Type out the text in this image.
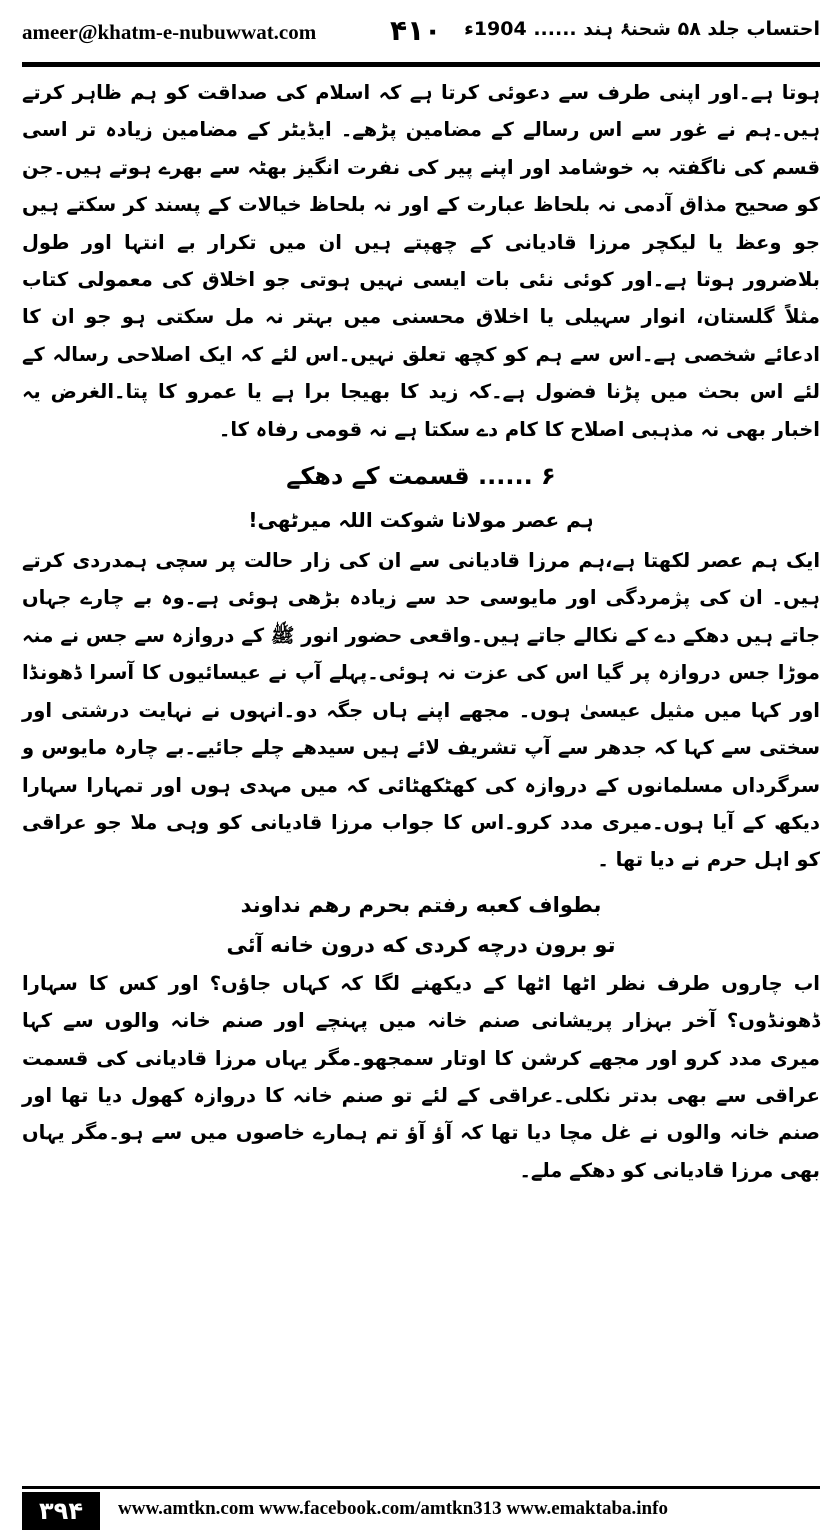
ameer@khatm-e-nubuwwat.com	۴۱۰ احتساب جلد ۵۸ شحنۂ ہند ...... 1904ء

ہوتا ہے۔اور اپنی طرف سے دعوئی کرتا ہے کہ اسلام کی صداقت کو ہم ظاہر کرتے ہیں۔ہم نے غور سے اس رسالے کے مضامین پڑھے۔ ایڈیٹر کے مضامین زیادہ تر اسی قسم کی ناگفتہ بہ خوشامد اور اپنے پیر کی نفرت انگیز بھٹہ سے بھرے ہوتے ہیں۔جن کو صحیح مذاق آدمی نہ بلحاظ عبارت کے اور نہ بلحاظ خیالات کے پسند کر سکتے ہیں جو وعظ یا لیکچر مرزا قادیانی کے چھپتے ہیں ان میں تکرار بے انتہا اور طول بلاضرور ہوتا ہے۔اور کوئی نئی بات ایسی نہیں ہوتی جو اخلاق کی معمولی کتاب مثلاً گلستان، انوار سہیلی یا اخلاق محسنی میں بہتر نہ مل سکتی ہو جو ان کا ادعائے شخصی ہے۔اس سے ہم کو کچھ تعلق نہیں۔اس لئے کہ ایک اصلاحی رسالہ کے لئے اس بحث میں پڑنا فضول ہے۔کہ زید کا بھیجا برا ہے یا عمرو کا پتا۔الغرض یہ اخبار بھی نہ مذہبی اصلاح کا کام دے سکتا ہے نہ قومی رفاہ کا۔

۶ ...... قسمت کے دھکے

ہم عصر مولانا شوکت اللہ میرٹھی!

ایک ہم عصر لکھتا ہے،ہم مرزا قادیانی سے ان کی زار حالت پر سچی ہمدردی کرتے ہیں۔ ان کی پژمردگی اور مایوسی حد سے زیادہ بڑھی ہوئی ہے۔وہ بے چارے جہاں جاتے ہیں دھکے دے کے نکالے جاتے ہیں۔واقعی حضور انور ﷺ کے دروازہ سے جس نے منہ موڑا جس دروازہ پر گیا اس کی عزت نہ ہوئی۔پہلے آپ نے عیسائیوں کا آسرا ڈھونڈا اور کہا میں مثیل عیسیٰ ہوں۔ مجھے اپنے ہاں جگہ دو۔انہوں نے نہایت درشتی اور سختی سے کہا کہ جدھر سے آپ تشریف لائے ہیں سیدھے چلے جائیے۔بے چارہ مایوس و سرگرداں مسلمانوں کے دروازہ کی کھٹکھٹائی کہ میں مہدی ہوں اور تمہارا سہارا دیکھ کے آیا ہوں۔میری مدد کرو۔اس کا جواب مرزا قادیانی کو وہی ملا جو عراقی کو اہل حرم نے دیا تھا ۔

بطواف کعبه رفتم بحرم رهم نداوند

تو برون درچه کردی که درون خانه آئی

اب چاروں طرف نظر اٹھا اٹھا کے دیکھنے لگا کہ کہاں جاؤں؟ اور کس کا سہارا ڈھونڈوں؟ آخر بہزار پریشانی صنم خانہ میں پہنچے اور صنم خانہ والوں سے کہا میری مدد کرو اور مجھے کرشن کا اوتار سمجھو۔مگر یہاں مرزا قادیانی کی قسمت عراقی سے بھی بدتر نکلی۔عراقی کے لئے تو صنم خانہ کا دروازہ کھول دیا تھا اور صنم خانہ والوں نے غل مچا دیا تھا کہ آؤ آؤ تم ہمارے خاصوں میں سے ہو۔مگر یہاں بھی مرزا قادیانی کو دھکے ملے۔

۳۹۴	www.amtkn.com www.facebook.com/amtkn313 www.emaktaba.info
